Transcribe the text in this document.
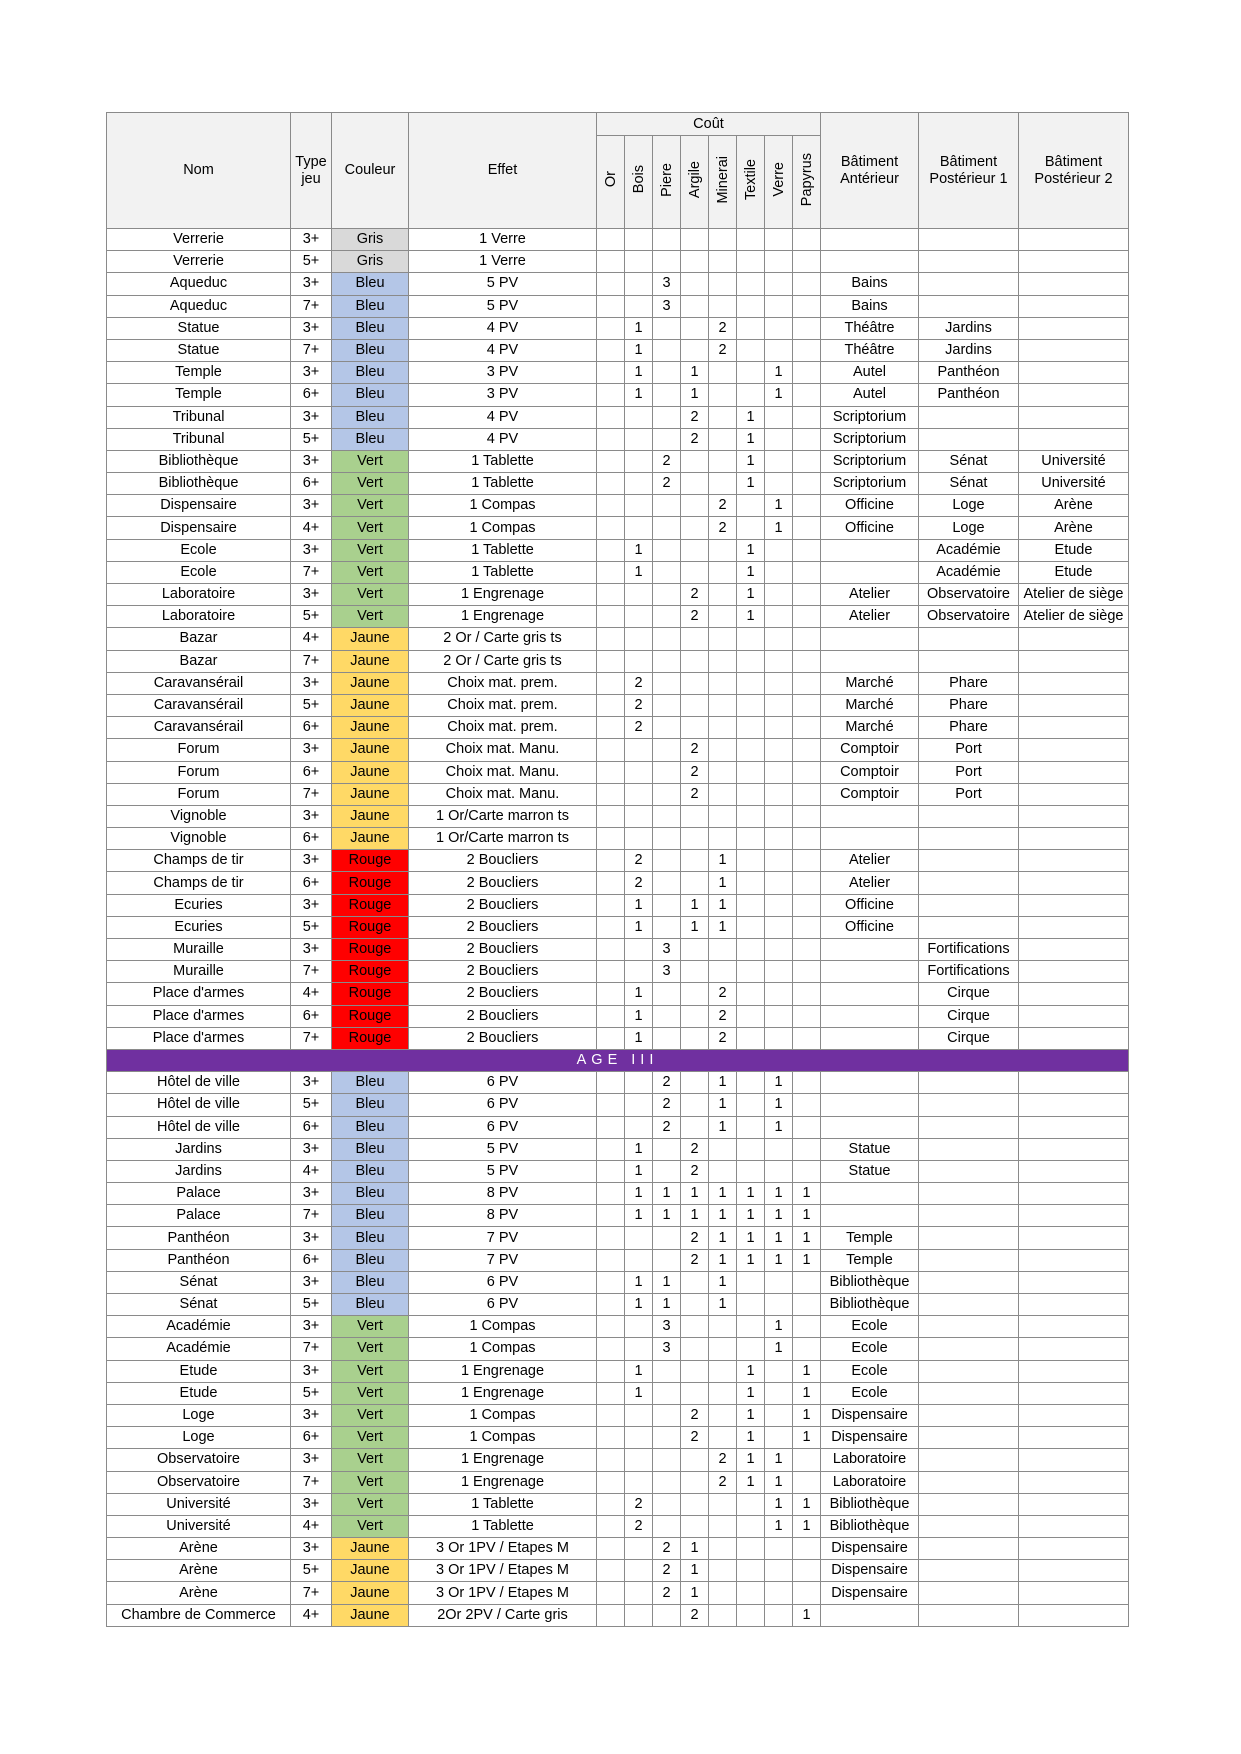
Nom	Type jeu	Couleur	Effet	Coût								Bâtiment Antérieur	Bâtiment Postérieur 1	Bâtiment Postérieur 2
				Or	Bois	Piere	Argile	Minerai	Textile	Verre	Papyrus			
Verrerie	3+	Gris	1 Verre											
Verrerie	5+	Gris	1 Verre											
Aqueduc	3+	Bleu	5 PV			3						Bains		
Aqueduc	7+	Bleu	5 PV			3						Bains		
Statue	3+	Bleu	4 PV		1			2				Théâtre	Jardins	
Statue	7+	Bleu	4 PV		1			2				Théâtre	Jardins	
Temple	3+	Bleu	3 PV		1		1			1		Autel	Panthéon	
Temple	6+	Bleu	3 PV		1		1			1		Autel	Panthéon	
Tribunal	3+	Bleu	4 PV				2		1			Scriptorium		
Tribunal	5+	Bleu	4 PV				2		1			Scriptorium		
Bibliothèque	3+	Vert	1 Tablette			2			1			Scriptorium	Sénat	Université
Bibliothèque	6+	Vert	1 Tablette			2			1			Scriptorium	Sénat	Université
Dispensaire	3+	Vert	1 Compas					2		1		Officine	Loge	Arène
Dispensaire	4+	Vert	1 Compas					2		1		Officine	Loge	Arène
Ecole	3+	Vert	1 Tablette		1				1				Académie	Etude
Ecole	7+	Vert	1 Tablette		1				1				Académie	Etude
Laboratoire	3+	Vert	1 Engrenage				2		1			Atelier	Observatoire	Atelier de siège
Laboratoire	5+	Vert	1 Engrenage				2		1			Atelier	Observatoire	Atelier de siège
Bazar	4+	Jaune	2 Or / Carte gris ts											
Bazar	7+	Jaune	2 Or / Carte gris ts											
Caravansérail	3+	Jaune	Choix mat. prem.		2							Marché	Phare	
Caravansérail	5+	Jaune	Choix mat. prem.		2							Marché	Phare	
Caravansérail	6+	Jaune	Choix mat. prem.		2							Marché	Phare	
Forum	3+	Jaune	Choix mat. Manu.				2					Comptoir	Port	
Forum	6+	Jaune	Choix mat. Manu.				2					Comptoir	Port	
Forum	7+	Jaune	Choix mat. Manu.				2					Comptoir	Port	
Vignoble	3+	Jaune	1 Or/Carte marron ts											
Vignoble	6+	Jaune	1 Or/Carte marron ts											
Champs de tir	3+	Rouge	2 Boucliers		2			1				Atelier		
Champs de tir	6+	Rouge	2 Boucliers		2			1				Atelier		
Ecuries	3+	Rouge	2 Boucliers		1		1	1				Officine		
Ecuries	5+	Rouge	2 Boucliers		1		1	1				Officine		
Muraille	3+	Rouge	2 Boucliers			3							Fortifications	
Muraille	7+	Rouge	2 Boucliers			3							Fortifications	
Place d'armes	4+	Rouge	2 Boucliers		1			2					Cirque	
Place d'armes	6+	Rouge	2 Boucliers		1			2					Cirque	
Place d'armes	7+	Rouge	2 Boucliers		1			2					Cirque	
AGE III														
Hôtel de ville	3+	Bleu	6 PV			2		1		1				
Hôtel de ville	5+	Bleu	6 PV			2		1		1				
Hôtel de ville	6+	Bleu	6 PV			2		1		1				
Jardins	3+	Bleu	5 PV		1		2					Statue		
Jardins	4+	Bleu	5 PV		1		2					Statue		
Palace	3+	Bleu	8 PV		1	1	1	1	1	1	1			
Palace	7+	Bleu	8 PV		1	1	1	1	1	1	1			
Panthéon	3+	Bleu	7 PV				2	1	1	1	1	Temple		
Panthéon	6+	Bleu	7 PV				2	1	1	1	1	Temple		
Sénat	3+	Bleu	6 PV		1	1		1				Bibliothèque		
Sénat	5+	Bleu	6 PV		1	1		1				Bibliothèque		
Académie	3+	Vert	1 Compas			3				1		Ecole		
Académie	7+	Vert	1 Compas			3				1		Ecole		
Etude	3+	Vert	1 Engrenage		1				1		1	Ecole		
Etude	5+	Vert	1 Engrenage		1				1		1	Ecole		
Loge	3+	Vert	1 Compas				2		1		1	Dispensaire		
Loge	6+	Vert	1 Compas				2		1		1	Dispensaire		
Observatoire	3+	Vert	1 Engrenage					2	1	1		Laboratoire		
Observatoire	7+	Vert	1 Engrenage					2	1	1		Laboratoire		
Université	3+	Vert	1 Tablette		2					1	1	Bibliothèque		
Université	4+	Vert	1 Tablette		2					1	1	Bibliothèque		
Arène	3+	Jaune	3 Or 1PV / Etapes M			2	1					Dispensaire		
Arène	5+	Jaune	3 Or 1PV / Etapes M			2	1					Dispensaire		
Arène	7+	Jaune	3 Or 1PV / Etapes M			2	1					Dispensaire		
Chambre de Commerce	4+	Jaune	2Or 2PV / Carte gris				2				1			
